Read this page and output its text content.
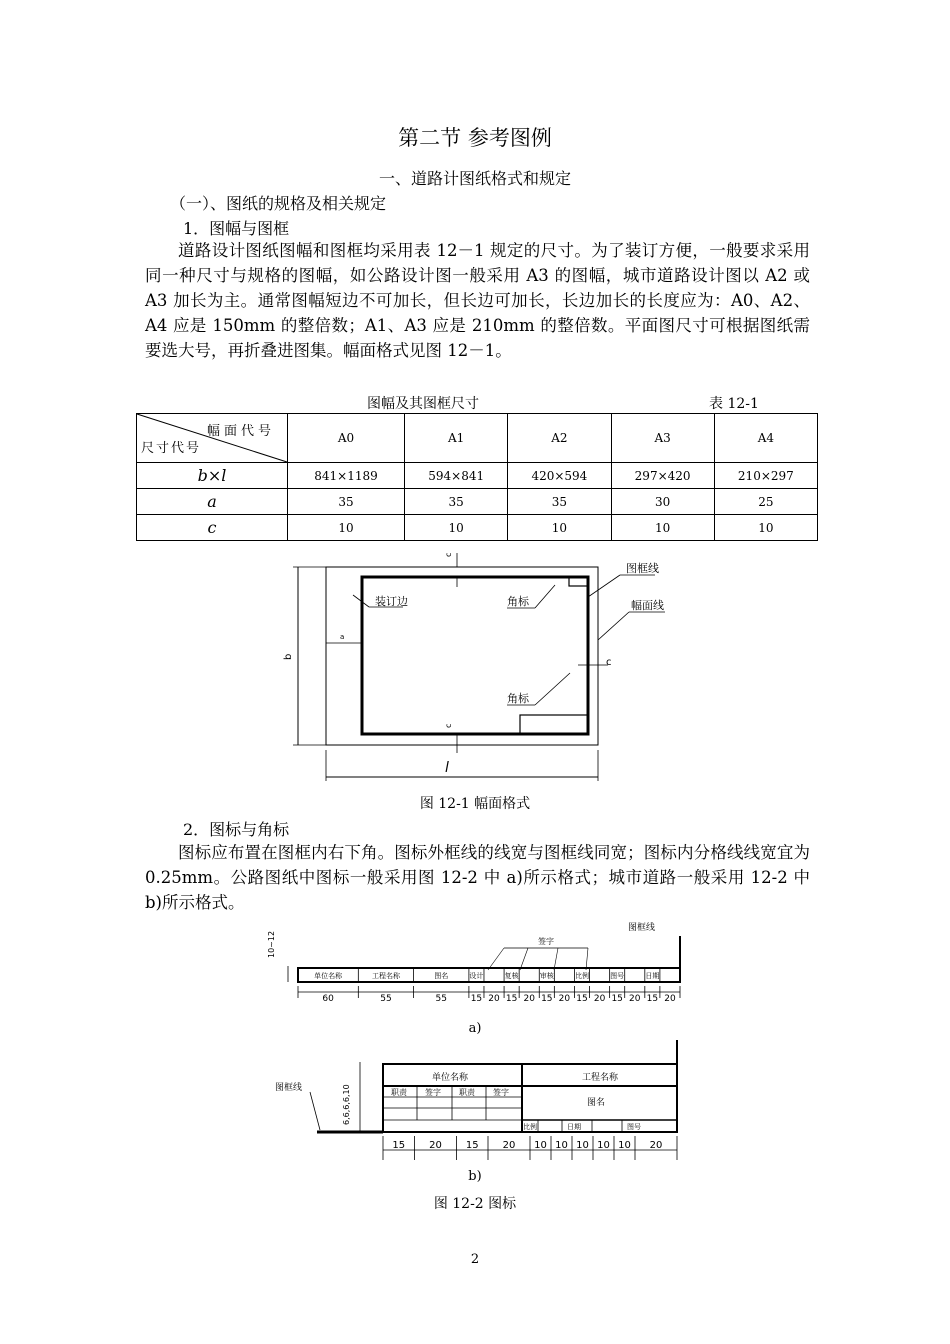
第二节 参考图例
一、道路计图纸格式和规定
（一）、图纸的规格及相关规定
1．图幅与图框

道路设计图纸图幅和图框均采用表 12－1 规定的尺寸。为了装订方便，一般要求采用同一种尺寸与规格的图幅，如公路设计图一般采用 A3 的图幅，城市道路设计图以 A2 或 A3 加长为主。通常图幅短边不可加长，但长边可加长，长边加长的长度应为：A0、A2、A4 应是 150mm 的整倍数；A1、A3 应是 210mm 的整倍数。平面图尺寸可根据图纸需要选大号，再折叠进图集。幅面格式见图 12－1。

图幅及其图框尺寸	表 12-1
幅面代号
尺寸代号	A0	A1	A2	A3	A4
b×l	841×1189	594×841	420×594	297×420	210×297
a	35	35	35	30	25
c	10	10	10	10	10
b
l
a
c
c
c
装订边	角标
图框线
幅面线
角标
图 12-1 幅面格式
2．图标与角标

图标应布置在图框内右下角。图标外框线的线宽与图框线同宽；图标内分格线线宽宜为 0.25mm。公路图纸中图标一般采用图 12-2 中 a)所示格式；城市道路一般采用 12-2 中 b)所示格式。

图框线
10~12
单位名称	工程名称	图名	设计	复核	审核	比例	图号	日期
60	55	55	15 20 15 20 15 20 15 20 15 20 15 20
签字
a)
图框线	6,6,6,6,10
单位名称	工程名称
图名
职责 签字 职责 签字
比例	日期	图号
15 20 15 20 10 10 10 10 10 20
b)
图 12-2 图标
2
